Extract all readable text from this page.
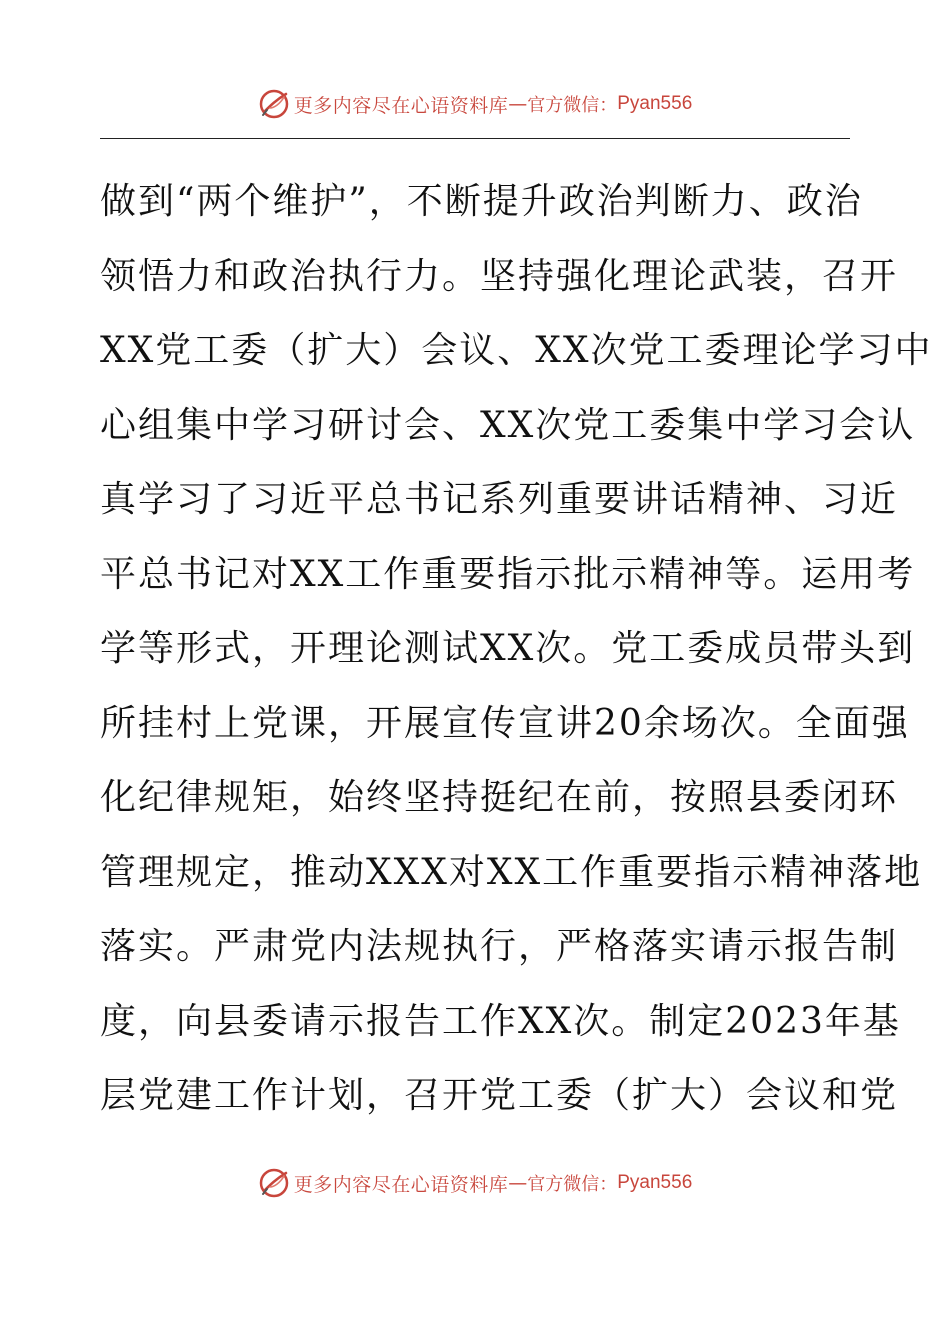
更多内容尽在心语资料库 — 官方微信： Pyan556
做到“两个维护”，不断提升政治判断力、政治
领悟力和政治执行力。坚持强化理论武装，召开
XX党工委（扩大）会议、XX次党工委理论学习中
心组集中学习研讨会、XX次党工委集中学习会认
真学习了习近平总书记系列重要讲话精神、习近
平总书记对XX工作重要指示批示精神等。运用考
学等形式，开理论测试XX次。党工委成员带头到
所挂村上党课，开展宣传宣讲20余场次。全面强
化纪律规矩，始终坚持挺纪在前，按照县委闭环
管理规定，推动XXX对XX工作重要指示精神落地
落实。严肃党内法规执行，严格落实请示报告制
度，向县委请示报告工作XX次。制定2023年基
层党建工作计划，召开党工委（扩大）会议和党
更多内容尽在心语资料库 — 官方微信： Pyan556
